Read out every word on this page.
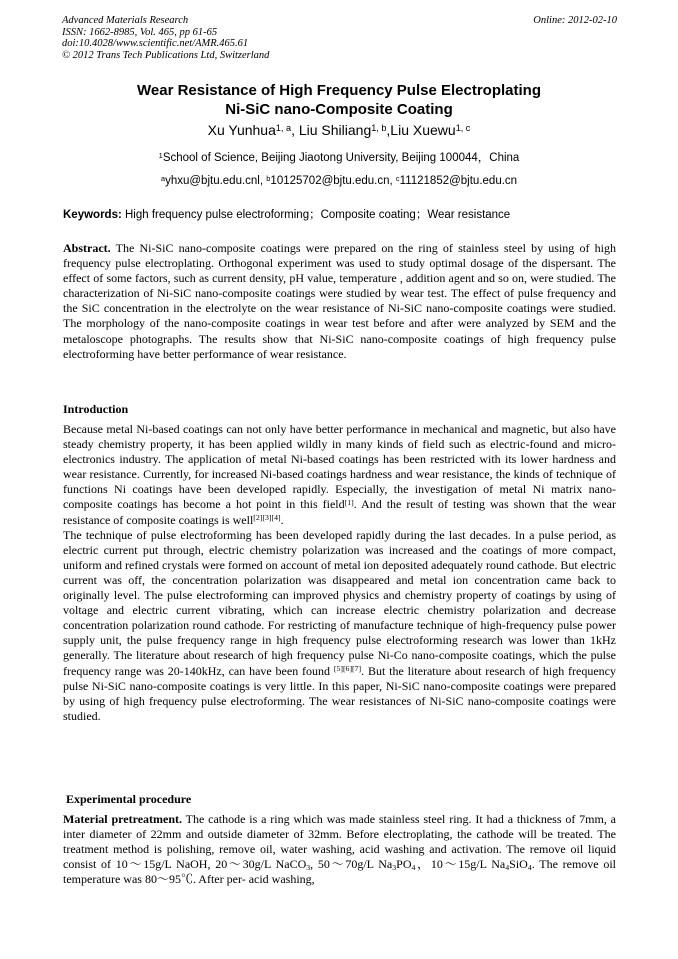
Advanced Materials Research
ISSN: 1662-8985, Vol. 465, pp 61-65
doi:10.4028/www.scientific.net/AMR.465.61
© 2012 Trans Tech Publications Ltd, Switzerland
Online: 2012-02-10
Wear Resistance of High Frequency Pulse Electroplating
Ni-SiC nano-Composite Coating
Xu Yunhua$^{1, a}$, Liu Shiliang$^{1, b}$,Liu Xuewu$^{1, c}$
$^1$School of Science, Beijing Jiaotong University, Beijing 100044，China
$^a$yhxu@bjtu.edu.cnl, $^b$10125702@bjtu.edu.cn, $^c$11121852@bjtu.edu.cn
Keywords: High frequency pulse electroforming；Composite coating；Wear resistance

Abstract. The Ni-SiC nano-composite coatings were prepared on the ring of stainless steel by using of high frequency pulse electroplating. Orthogonal experiment was used to study optimal dosage of the dispersant. The effect of some factors, such as current density, pH value, temperature , addition agent and so on, were studied. The characterization of Ni-SiC nano-composite coatings were studied by wear test. The effect of pulse frequency and the SiC concentration in the electrolyte on the wear resistance of Ni-SiC nano-composite coatings were studied. The morphology of the nano-composite coatings in wear test before and after were analyzed by SEM and the metaloscope photographs. The results show that Ni-SiC nano-composite coatings of high frequency pulse electroforming have better performance of wear resistance.

Introduction

Because metal Ni-based coatings can not only have better performance in mechanical and magnetic, but also have steady chemistry property, it has been applied wildly in many kinds of field such as electric-found and micro-electronics industry. The application of metal Ni-based coatings has been restricted with its lower hardness and wear resistance. Currently, for increased Ni-based coatings hardness and wear resistance, the kinds of technique of functions Ni coatings have been developed rapidly. Especially, the investigation of metal Ni matrix nano-composite coatings has become a hot point in this field[1]. And the result of testing was shown that the wear resistance of composite coatings is well[2][3][4].

The technique of pulse electroforming has been developed rapidly during the last decades. In a pulse period, as electric current put through, electric chemistry polarization was increased and the coatings of more compact, uniform and refined crystals were formed on account of metal ion deposited adequately round cathode. But electric current was off, the concentration polarization was disappeared and metal ion concentration came back to originally level. The pulse electroforming can improved physics and chemistry property of coatings by using of voltage and electric current vibrating, which can increase electric chemistry polarization and decrease concentration polarization round cathode. For restricting of manufacture technique of high-frequency pulse power supply unit, the pulse frequency range in high frequency pulse electroforming research was lower than 1kHz generally. The literature about research of high frequency pulse Ni-Co nano-composite coatings, which the pulse frequency range was 20-140kHz, can have been found [5][6][7]. But the literature about research of high frequency pulse Ni-SiC nano-composite coatings is very little. In this paper, Ni-SiC nano-composite coatings were prepared by using of high frequency pulse electroforming. The wear resistances of Ni-SiC nano-composite coatings were studied.

Experimental procedure

Material pretreatment. The cathode is a ring which was made stainless steel ring. It had a thickness of 7mm, a inter diameter of 22mm and outside diameter of 32mm. Before electroplating, the cathode will be treated. The treatment method is polishing, remove oil, water washing, acid washing and activation. The remove oil liquid consist of 10～15g/L NaOH, 20～30g/L NaCO$_3$, 50～70g/L $Na_3PO_4$，10～15g/L $Na_4SiO_4$. The remove oil temperature was 80～95℃. After per- acid washing,
